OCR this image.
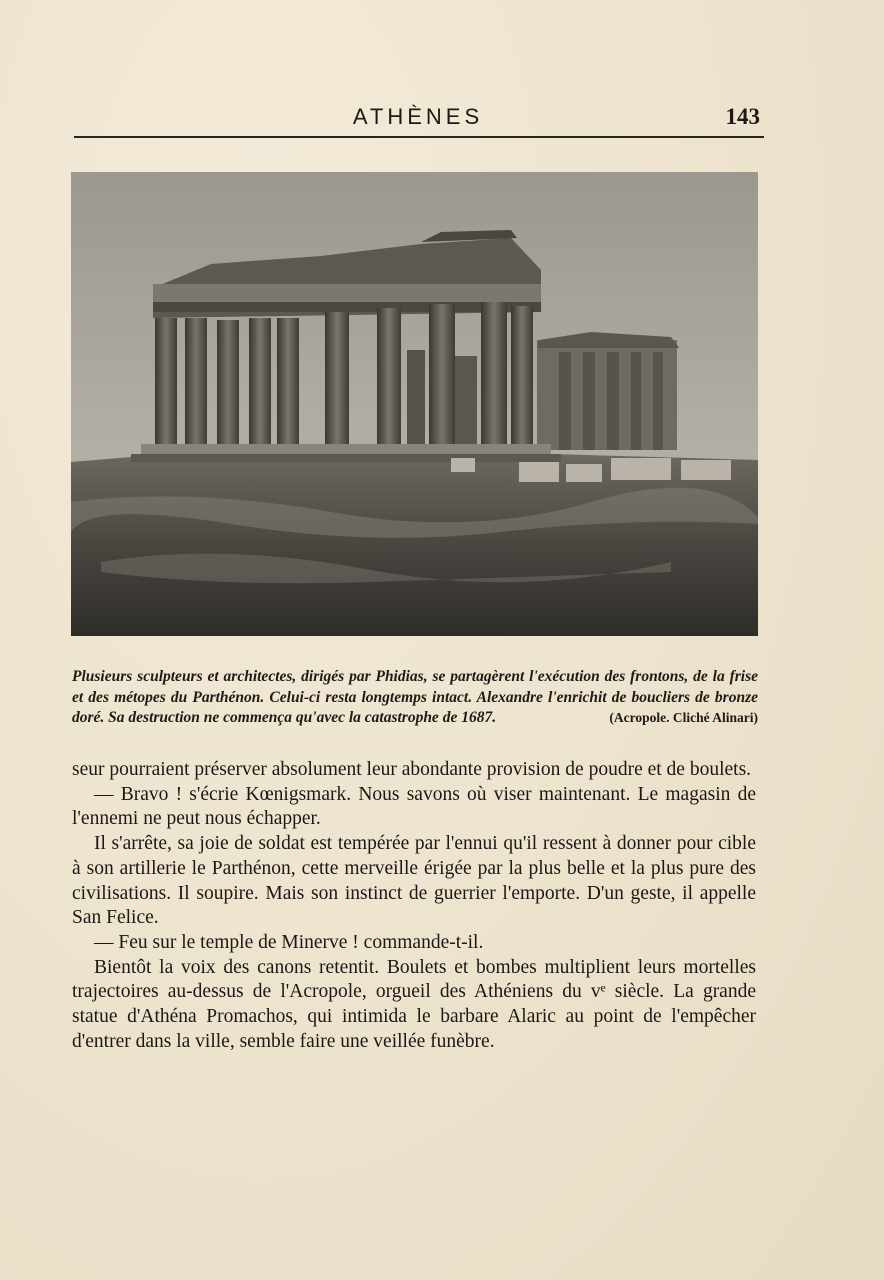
ATHÈNES	143
Plusieurs sculpteurs et architectes, dirigés par Phidias, se partagèrent l'exécution des frontons, de la frise et des métopes du Parthénon. Celui-ci resta longtemps intact. Alexandre l'enrichit de boucliers de bronze doré. Sa destruction ne commença qu'avec la catastrophe de 1687.	(Acropole. Cliché Alinari)

seur pourraient préserver absolument leur abondante provision de poudre et de boulets.

— Bravo ! s'écrie Kœnigsmark. Nous savons où viser maintenant. Le magasin de l'ennemi ne peut nous échapper.

Il s'arrête, sa joie de soldat est tempérée par l'ennui qu'il ressent à donner pour cible à son artillerie le Parthénon, cette merveille érigée par la plus belle et la plus pure des civilisations. Il soupire. Mais son instinct de guerrier l'emporte. D'un geste, il appelle San Felice.

— Feu sur le temple de Minerve ! commande-t-il.

Bientôt la voix des canons retentit. Boulets et bombes multiplient leurs mortelles trajectoires au-dessus de l'Acropole, orgueil des Athéniens du vᵉ siècle. La grande statue d'Athéna Promachos, qui intimida le barbare Alaric au point de l'empêcher d'entrer dans la ville, semble faire une veillée funèbre.
